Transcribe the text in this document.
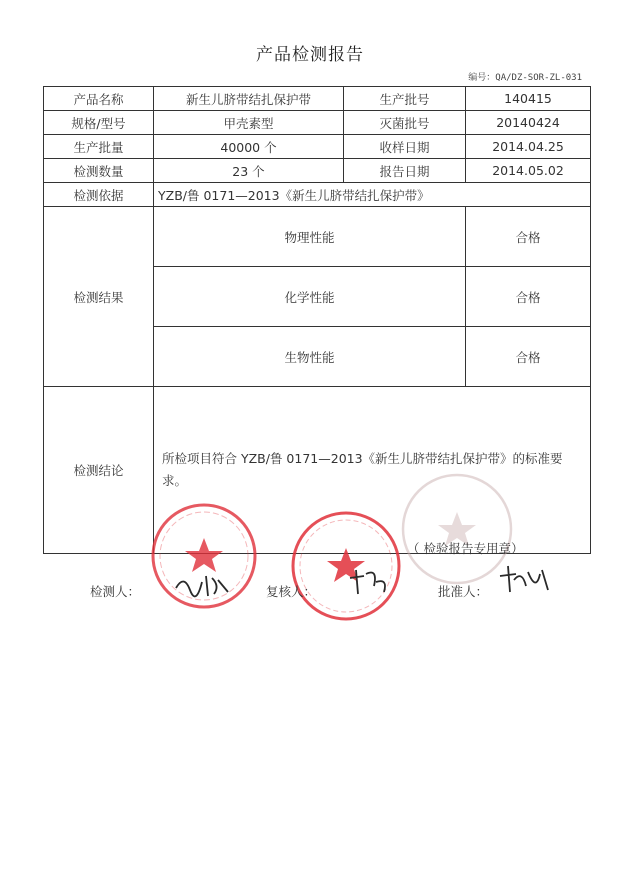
产品检测报告
编号：QA/DZ-SOR-ZL-031
产品名称	新生儿脐带结扎保护带	生产批号	140415
规格/型号	甲壳素型	灭菌批号	20140424
生产批量	40000 个	收样日期	2014.04.25
检测数量	23 个	报告日期	2014.05.02
检测依据	YZB/鲁 0171—2013《新生儿脐带结扎保护带》		
检测结果	物理性能		合格
	化学性能		合格
	生物性能		合格
检测结论	所检项目符合 YZB/鲁 0171—2013《新生儿脐带结扎保护带》的标准要求。		
（ 检验报告专用章）
检测人：	复核人：	批准人：
